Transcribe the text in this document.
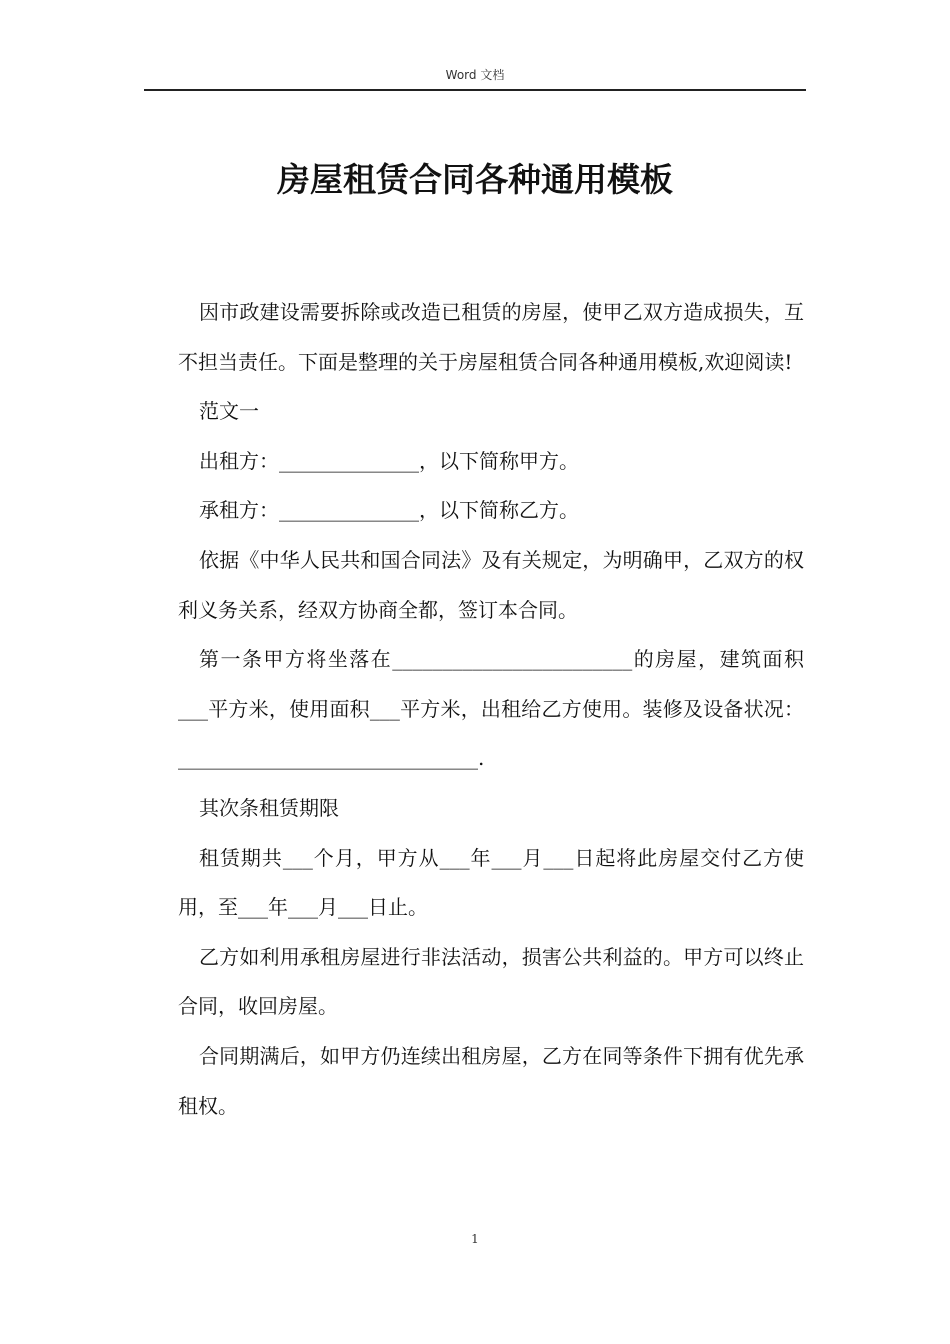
Word 文档
房屋租赁合同各种通用模板

因市政建设需要拆除或改造已租赁的房屋，使甲乙双方造成损失，互不担当责任。下面是整理的关于房屋租赁合同各种通用模板,欢迎阅读!

范文一

出租方：______________，以下简称甲方。

承租方：______________，以下简称乙方。

依据《中华人民共和国合同法》及有关规定，为明确甲，乙双方的权利义务关系，经双方协商全都，签订本合同。

第一条甲方将坐落在________________________的房屋，建筑面积___平方米，使用面积___平方米，出租给乙方使用。装修及设备状况：______________________________.

其次条租赁期限

租赁期共___个月，甲方从___年___月___日起将此房屋交付乙方使用，至___年___月___日止。

乙方如利用承租房屋进行非法活动，损害公共利益的。甲方可以终止合同，收回房屋。

合同期满后，如甲方仍连续出租房屋，乙方在同等条件下拥有优先承租权。

1
